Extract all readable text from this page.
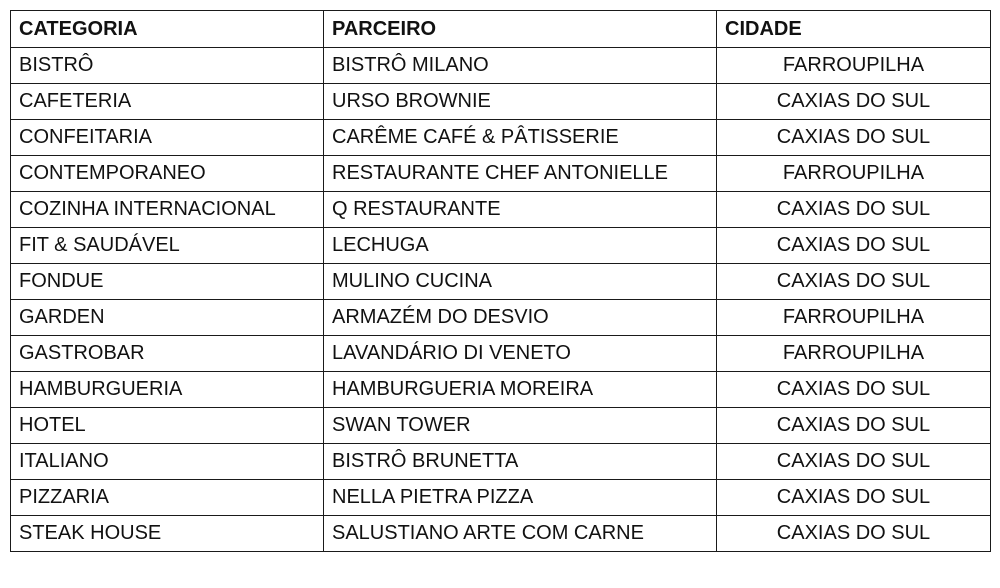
CATEGORIA	PARCEIRO	CIDADE
BISTRÔ	BISTRÔ MILANO	FARROUPILHA
CAFETERIA	URSO BROWNIE	CAXIAS DO SUL
CONFEITARIA	CARÊME CAFÉ & PÂTISSERIE	CAXIAS DO SUL
CONTEMPORANEO	RESTAURANTE CHEF ANTONIELLE	FARROUPILHA
COZINHA INTERNACIONAL	Q RESTAURANTE	CAXIAS DO SUL
FIT & SAUDÁVEL	LECHUGA	CAXIAS DO SUL
FONDUE	MULINO CUCINA	CAXIAS DO SUL
GARDEN	ARMAZÉM DO DESVIO	FARROUPILHA
GASTROBAR	LAVANDÁRIO DI VENETO	FARROUPILHA
HAMBURGUERIA	HAMBURGUERIA MOREIRA	CAXIAS DO SUL
HOTEL	SWAN TOWER	CAXIAS DO SUL
ITALIANO	BISTRÔ BRUNETTA	CAXIAS DO SUL
PIZZARIA	NELLA PIETRA PIZZA	CAXIAS DO SUL
STEAK HOUSE	SALUSTIANO ARTE COM CARNE	CAXIAS DO SUL
